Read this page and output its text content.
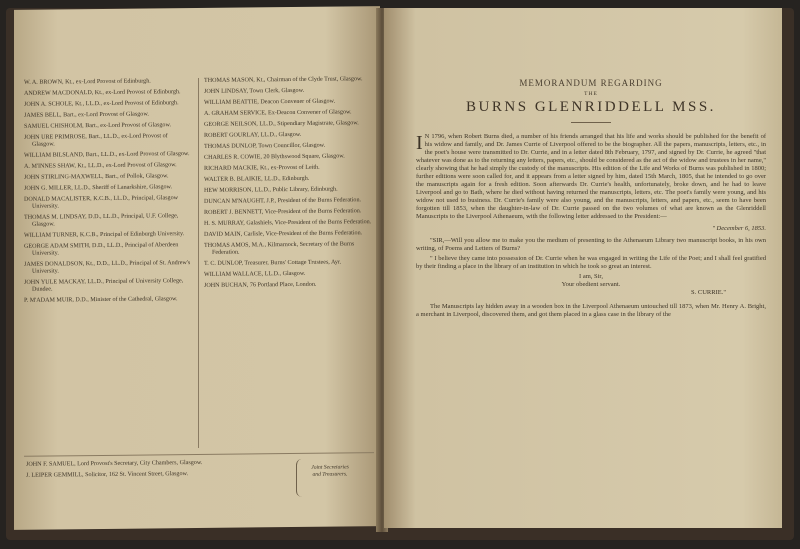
W. A. BROWN, Kt., ex-Lord Provost of Edinburgh.
ANDREW MACDONALD, Kt., ex-Lord Provost of Edinburgh.
JOHN A. SCHOLE, Kt., LL.D., ex-Lord Provost of Edinburgh.
JAMES BELL, Bart., ex-Lord Provost of Glasgow.
SAMUEL CHISHOLM, Bart., ex-Lord Provost of Glasgow.
JOHN URE PRIMROSE, Bart., LL.D., ex-Lord Provost of Glasgow.
WILLIAM BILSLAND, Bart., LL.D., ex-Lord Provost of Glasgow.
A. M'INNES SHAW, Kt., LL.D., ex-Lord Provost of Glasgow.
JOHN STIRLING-MAXWELL, Bart., of Pollok, Glasgow.
JOHN G. MILLER, LL.D., Sheriff of Lanarkshire, Glasgow.
DONALD MACALISTER, K.C.B., LL.D., Principal, Glasgow University.
THOMAS M. LINDSAY, D.D., LL.D., Principal, U.F. College, Glasgow.
WILLIAM TURNER, K.C.B., Principal of Edinburgh University.
GEORGE ADAM SMITH, D.D., LL.D., Principal of Aberdeen University.
JAMES DONALDSON, Kt., D.D., LL.D., Principal of St. Andrew's University.
JOHN YULE MACKAY, LL.D., Principal of University College, Dundee.
P. M'ADAM MUIR, D.D., Minister of the Cathedral, Glasgow.
THOMAS MASON, Kt., Chairman of the Clyde Trust, Glasgow.
JOHN LINDSAY, Town Clerk, Glasgow.
WILLIAM BEATTIE, Deacon Convener of Glasgow.
A. GRAHAM SERVICE, Ex-Deacon Convener of Glasgow.
GEORGE NEILSON, LL.D., Stipendiary Magistrate, Glasgow.
ROBERT GOURLAY, LL.D., Glasgow.
THOMAS DUNLOP, Town Councillor, Glasgow.
CHARLES R. COWIE, 20 Blythswood Square, Glasgow.
RICHARD MACKIE, Kt., ex-Provost of Leith.
WALTER B. BLAIKIE, LL.D., Edinburgh.
HEW MORRISON, LL.D., Public Library, Edinburgh.
DUNCAN M'NAUGHT, J.P., President of the Burns Federation.
ROBERT J. BENNETT, Vice-President of the Burns Federation.
H. S. MURRAY, Galashiels, Vice-President of the Burns Federation.
DAVID MAIN, Carlisle, Vice-President of the Burns Federation.
THOMAS AMOS, M.A., Kilmarnock, Secretary of the Burns Federation.
T. C. DUNLOP, Treasurer, Burns' Cottage Trustees, Ayr.
WILLIAM WALLACE, LL.D., Glasgow.
JOHN BUCHAN, 76 Portland Place, London.
JOHN F. SAMUEL, Lord Provost's Secretary, City Chambers, Glasgow.
J. LEIPER GEMMILL, Solicitor, 162 St. Vincent Street, Glasgow.
Joint Secretaries and Treasurers.
MEMORANDUM REGARDING
THE
BURNS GLENRIDDELL MSS.

I N 1796, when Robert Burns died, a number of his friends arranged that his life and works should be published for the benefit of his widow and family, and Dr. James Currie of Liverpool offered to be the biographer. All the papers, manuscripts, letters, etc., in the poet's house were transmitted to Dr. Currie, and in a letter dated 8th February, 1797, and signed by Dr. Currie, he agreed "that whatever was done as to the returning any letters, papers, etc., should be considered as the act of the widow and trustees in her name," clearly showing that he had simply the custody of the manuscripts. His edition of the Life and Works of Burns was published in 1800; further editions were soon called for, and it appears from a letter signed by him, dated 15th March, 1805, that he intended to go over the manuscripts again for a fresh edition. Soon afterwards Dr. Currie's health, unfortunately, broke down, and he had to leave Liverpool and go to Bath, where he died without having returned the manuscripts, letters, etc. The poet's family were young, and his widow not used to business. Dr. Currie's family were also young, and the manuscripts, letters, and papers, etc., seem to have been forgotten till 1853, when the daughter-in-law of Dr. Currie passed on the two volumes of what are known as the Glenriddell Manuscripts to the Liverpool Athenaeum, with the following letter addressed to the President:—

" December 6, 1853.

"SIR,—Will you allow me to make you the medium of presenting to the Athenaeum Library two manuscript books, in his own writing, of Poems and Letters of Burns?

" I believe they came into possession of Dr. Currie when he was engaged in writing the Life of the Poet; and I shall feel gratified by their finding a place in the library of an institution in which he took so great an interest.

I am, Sir,
Your obedient servant.
S. CURRIE."

The Manuscripts lay hidden away in a wooden box in the Liverpool Athenaeum untouched till 1873, when Mr. Henry A. Bright, a merchant in Liverpool, discovered them, and got them placed in a glass case in the library of the
